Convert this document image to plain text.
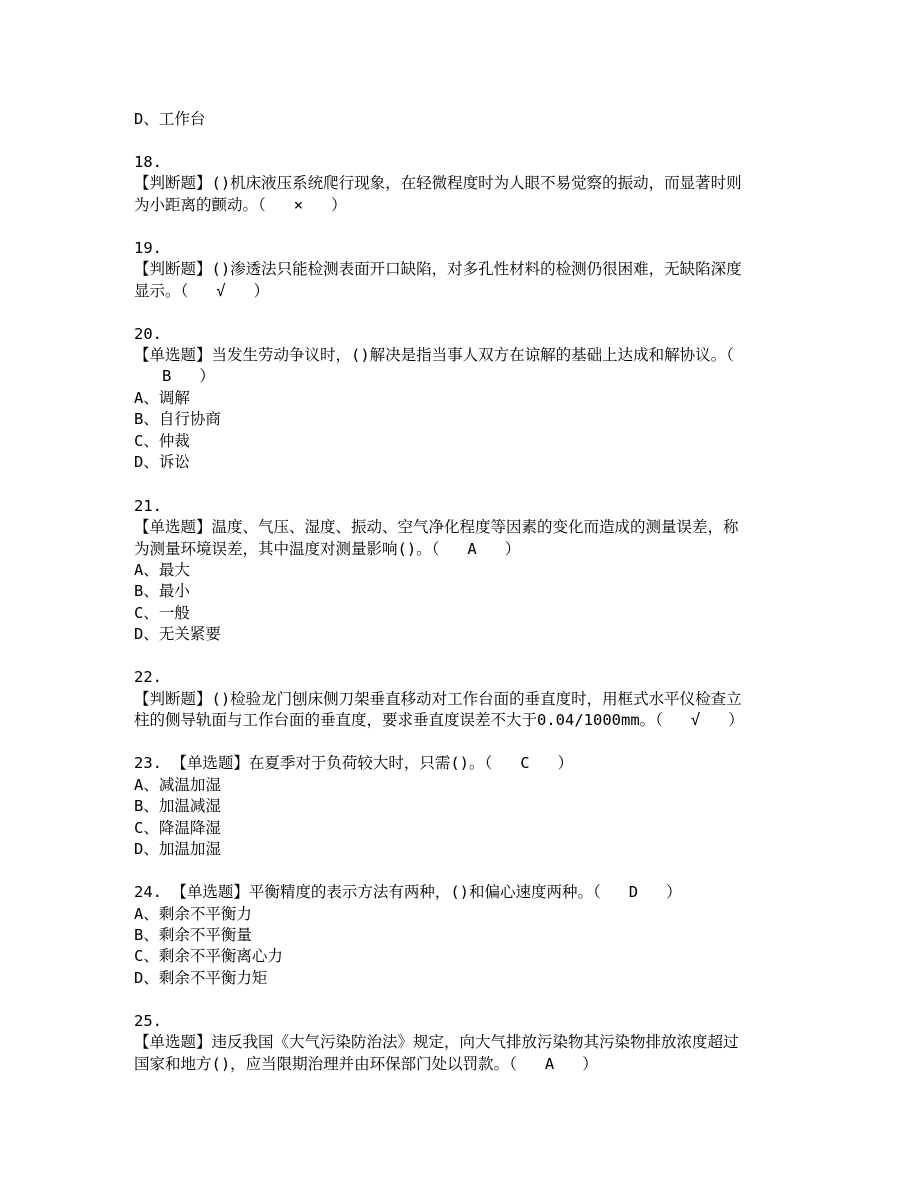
D、工作台
18.
【判断题】()机床液压系统爬行现象，在轻微程度时为人眼不易觉察的振动，而显著时则
为小距离的颤动。（   ×   ）
19.
【判断题】()渗透法只能检测表面开口缺陷，对多孔性材料的检测仍很困难，无缺陷深度
显示。（   √   ）
20.
【单选题】当发生劳动争议时，()解决是指当事人双方在谅解的基础上达成和解协议。（
B   ）
A、调解
B、自行协商
C、仲裁
D、诉讼
21.
【单选题】温度、气压、湿度、振动、空气净化程度等因素的变化而造成的测量误差，称
为测量环境误差，其中温度对测量影响()。（   A   ）
A、最大
B、最小
C、一般
D、无关紧要
22.
【判断题】()检验龙门刨床侧刀架垂直移动对工作台面的垂直度时，用框式水平仪检查立
柱的侧导轨面与工作台面的垂直度，要求垂直度误差不大于0.04/1000mm。（   √   ）
23. 【单选题】在夏季对于负荷较大时，只需()。（   C   ）
A、减温加湿
B、加温减湿
C、降温降湿
D、加温加湿
24. 【单选题】平衡精度的表示方法有两种，()和偏心速度两种。（   D   ）
A、剩余不平衡力
B、剩余不平衡量
C、剩余不平衡离心力
D、剩余不平衡力矩
25.
【单选题】违反我国《大气污染防治法》规定，向大气排放污染物其污染物排放浓度超过
国家和地方()，应当限期治理并由环保部门处以罚款。（   A   ）
